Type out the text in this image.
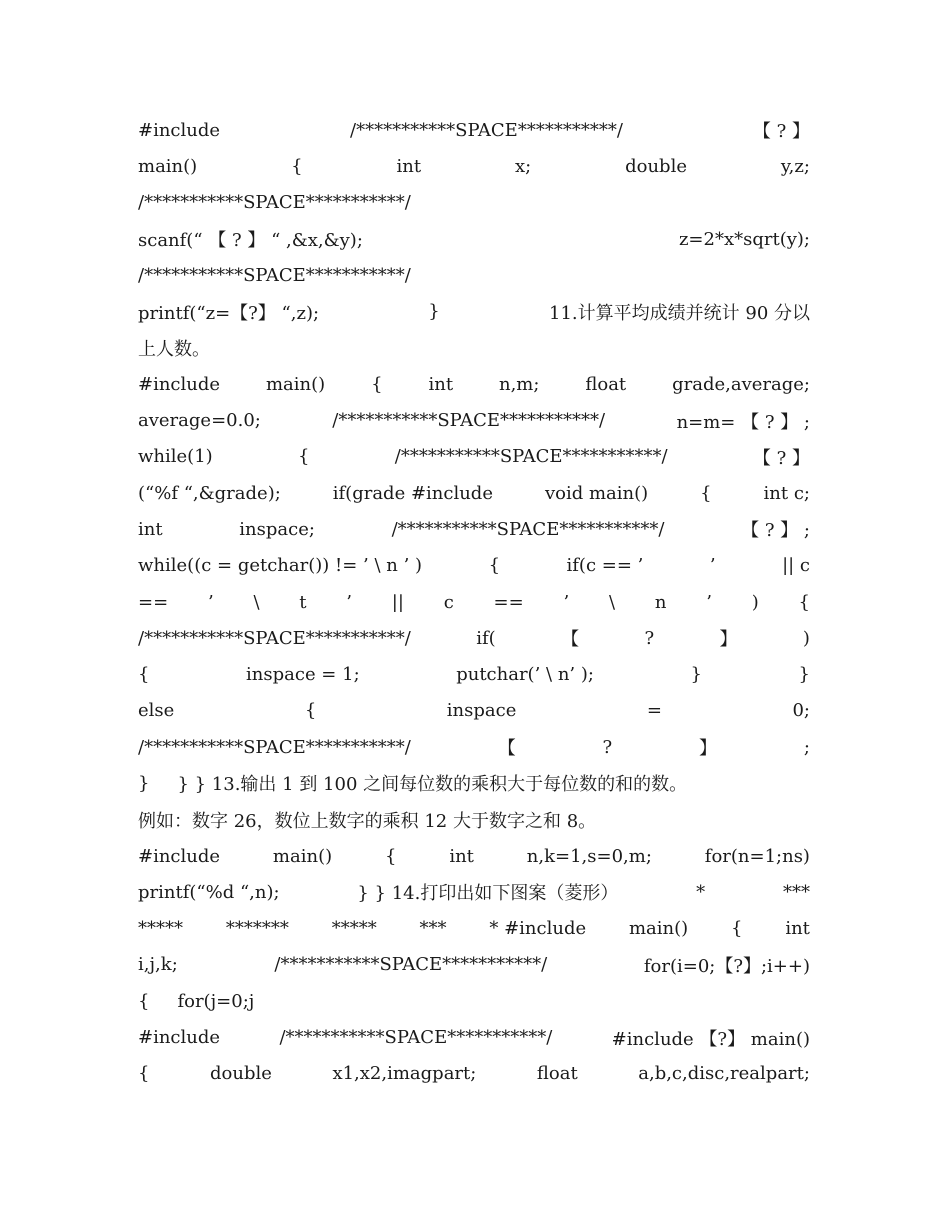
#include	/***********SPACE***********/	【 ? 】
main()	{	int	x;	double	y,z;
/***********SPACE***********/
scanf(“ 【 ? 】 “ ,&x,&y);	z=2*x*sqrt(y);
/***********SPACE***********/
printf(“z=【?】 “,z);	}	11.计算平均成绩并统计 90 分以
上人数。
#include	main()	{	int	n,m;	float	grade,average;
average=0.0;	/***********SPACE***********/	n=m= 【 ? 】 ;
while(1)	{	/***********SPACE***********/	【 ? 】
(“%f “,&grade);	if(grade #include	void main()	{	int c;
int	inspace;	/***********SPACE***********/	【 ? 】 ;
while((c = getchar()) != ’ \ n ’ )	{	if(c == ’	’	|| c
== ’ \ t ’ || c == ’ \ n ’ ) {
/***********SPACE***********/	if(	【	?	】	)
{	inspace = 1;	putchar(’ \ n’ );	}	}
else	{	inspace	=	0;
/***********SPACE***********/	【	?	】	;
} } } 13.输出 1 到 100 之间每位数的乘积大于每位数的和的数。
例如：数字 26，数位上数字的乘积 12 大于数字之和 8。
#include	main()	{	int	n,k=1,s=0,m;	for(n=1;ns)
printf(“%d “,n);	} } 14.打印出如下图案（菱形）	*	***
***** ******* ***** *** * #include main() { int
i,j,k;	/***********SPACE***********/	for(i=0;【?】;i++)
{ for(j=0;j
#include	/***********SPACE***********/	#include 【?】 main()
{	double	x1,x2,imagpart;	float	a,b,c,disc,realpart;
